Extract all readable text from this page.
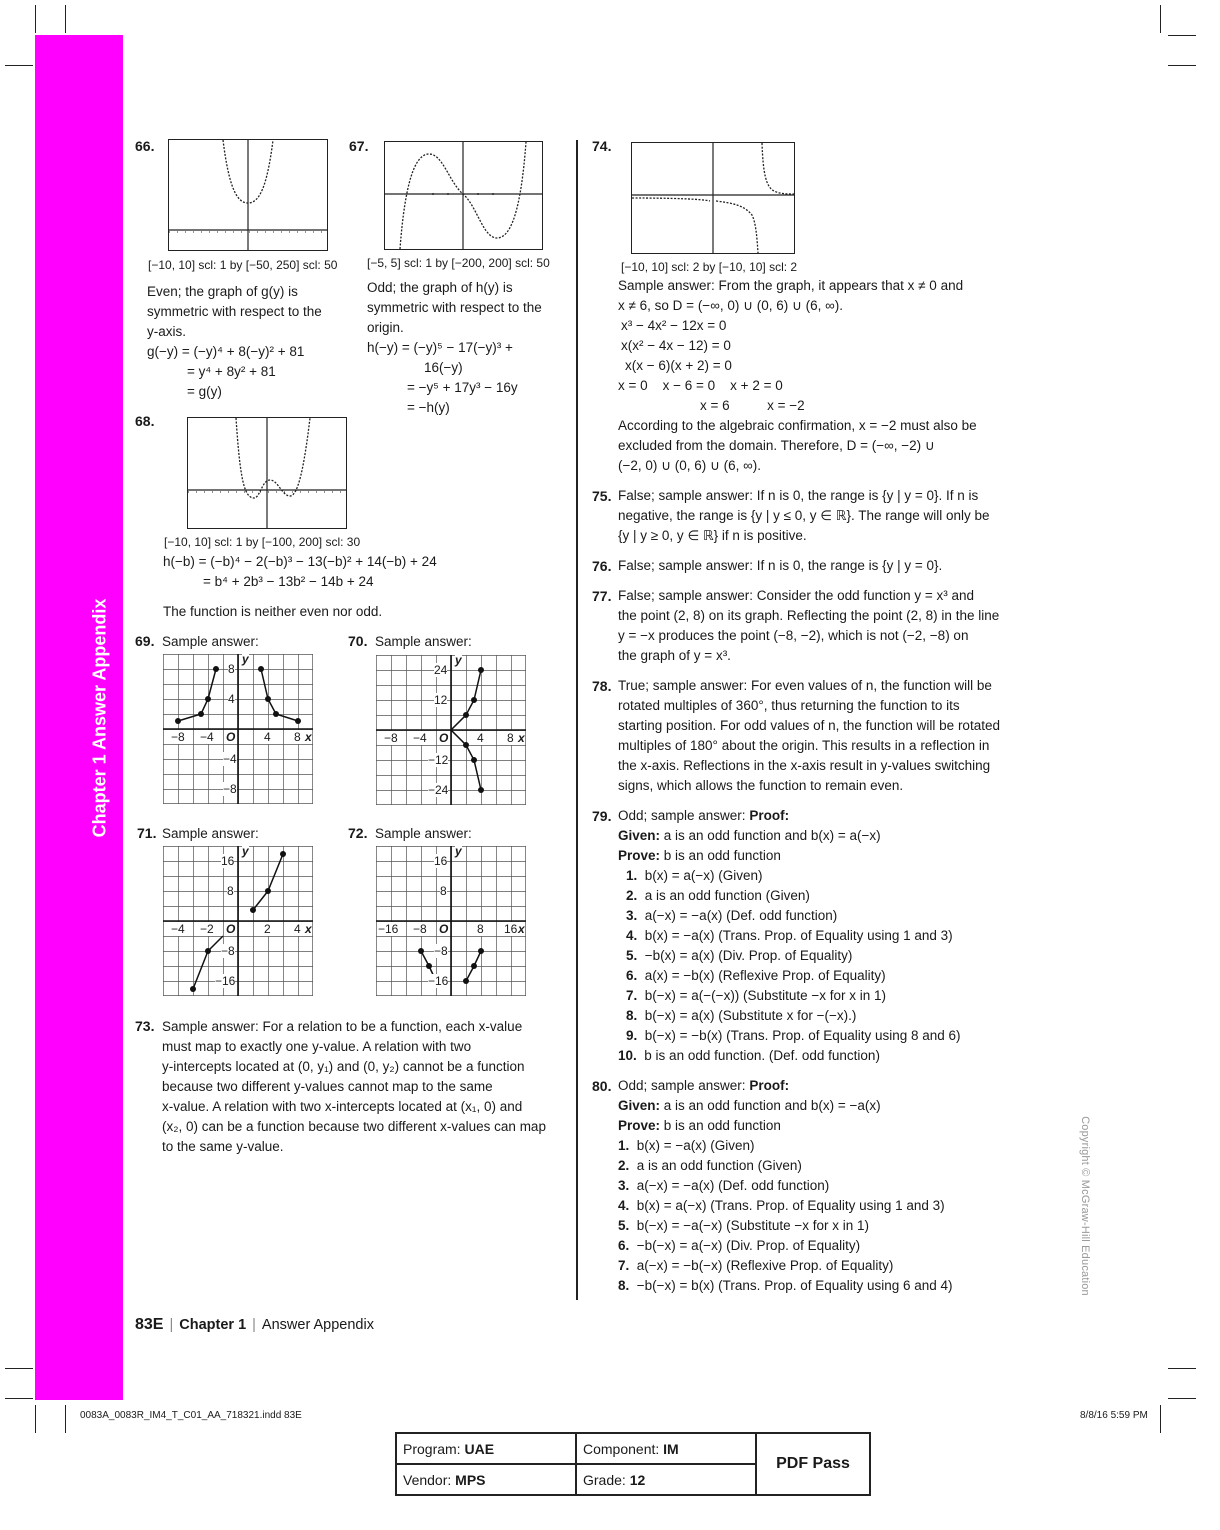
Chapter 1 Answer Appendix
Copyright © McGraw-Hill Education
66.
[−10, 10] scl: 1 by [−50, 250] scl: 50
Even; the graph of g(y) is
symmetric with respect to the
y-axis.
g(−y) = (−y)⁴ + 8(−y)² + 81
= y⁴ + 8y² + 81
= g(y)
67.
[−5, 5] scl: 1 by [−200, 200] scl: 50
Odd; the graph of h(y) is
symmetric with respect to the
origin.
h(−y) = (−y)⁵ − 17(−y)³ +
16(−y)
= −y⁵ + 17y³ − 16y
= −h(y)
68.
[−10, 10] scl: 1 by [−100, 200] scl: 30
h(−b) = (−b)⁴ − 2(−b)³ − 13(−b)² + 14(−b) + 24
= b⁴ + 2b³ − 13b² − 14b + 24
The function is neither even nor odd.
69. Sample answer:
−8 −4 O 4 8 x
8
4
−4
−8
y
70. Sample answer:
−8 −4 O 4 8 x
24
12
−12
−24
y
71. Sample answer:
−4 −2 O 2 4 x
16
8
−8
−16
y
72. Sample answer:
−16 −8 O 8 16 x
16
8
−8
−16
y
73. Sample answer: For a relation to be a function, each x-value
must map to exactly one y-value. A relation with two
y-intercepts located at (0, y₁) and (0, y₂) cannot be a function
because two different y-values cannot map to the same
x-value. A relation with two x-intercepts located at (x₁, 0) and
(x₂, 0) can be a function because two different x-values can map
to the same y-value.
74.
[−10, 10] scl: 2 by [−10, 10] scl: 2
Sample answer: From the graph, it appears that x ≠ 0 and
x ≠ 6, so D = (−∞, 0) ∪ (0, 6) ∪ (6, ∞).
x³ − 4x² − 12x = 0
x(x² − 4x − 12) = 0
x(x − 6)(x + 2) = 0
x = 0    x − 6 = 0    x + 2 = 0
x = 6          x = −2
According to the algebraic confirmation, x = −2 must also be
excluded from the domain. Therefore, D = (−∞, −2) ∪
(−2, 0) ∪ (0, 6) ∪ (6, ∞).
75. False; sample answer: If n is 0, the range is {y | y = 0}. If n is
negative, the range is {y | y ≤ 0, y ∈ ℝ}. The range will only be
{y | y ≥ 0, y ∈ ℝ} if n is positive.
76. False; sample answer: If n is 0, the range is {y | y = 0}.
77. False; sample answer: Consider the odd function y = x³ and
the point (2, 8) on its graph. Reflecting the point (2, 8) in the line
y = −x produces the point (−8, −2), which is not (−2, −8) on
the graph of y = x³.
78. True; sample answer: For even values of n, the function will be
rotated multiples of 360°, thus returning the function to its
starting position. For odd values of n, the function will be rotated
multiples of 180° about the origin. This results in a reflection in
the x-axis. Reflections in the x-axis result in y-values switching
signs, which allows the function to remain even.
79. Odd; sample answer: Proof:
Given: a is an odd function and b(x) = a(−x)
Prove: b is an odd function
1. b(x) = a(−x) (Given)
2. a is an odd function (Given)
3. a(−x) = −a(x) (Def. odd function)
4. b(x) = −a(x) (Trans. Prop. of Equality using 1 and 3)
5. −b(x) = a(x) (Div. Prop. of Equality)
6. a(x) = −b(x) (Reflexive Prop. of Equality)
7. b(−x) = a(−(−x)) (Substitute −x for x in 1)
8. b(−x) = a(x) (Substitute x for −(−x).)
9. b(−x) = −b(x) (Trans. Prop. of Equality using 8 and 6)
10. b is an odd function. (Def. odd function)
80. Odd; sample answer: Proof:
Given: a is an odd function and b(x) = −a(x)
Prove: b is an odd function
1. b(x) = −a(x) (Given)
2. a is an odd function (Given)
3. a(−x) = −a(x) (Def. odd function)
4. b(x) = a(−x) (Trans. Prop. of Equality using 1 and 3)
5. b(−x) = −a(−x) (Substitute −x for x in 1)
6. −b(−x) = a(−x) (Div. Prop. of Equality)
7. a(−x) = −b(−x) (Reflexive Prop. of Equality)
8. −b(−x) = b(x) (Trans. Prop. of Equality using 6 and 4)
83E | Chapter 1 | Answer Appendix
0083A_0083R_IM4_T_C01_AA_718321.indd 83E	8/8/16 5:59 PM
Program: UAE	Component: IM	PDF Pass
Vendor: MPS	Grade: 12	
